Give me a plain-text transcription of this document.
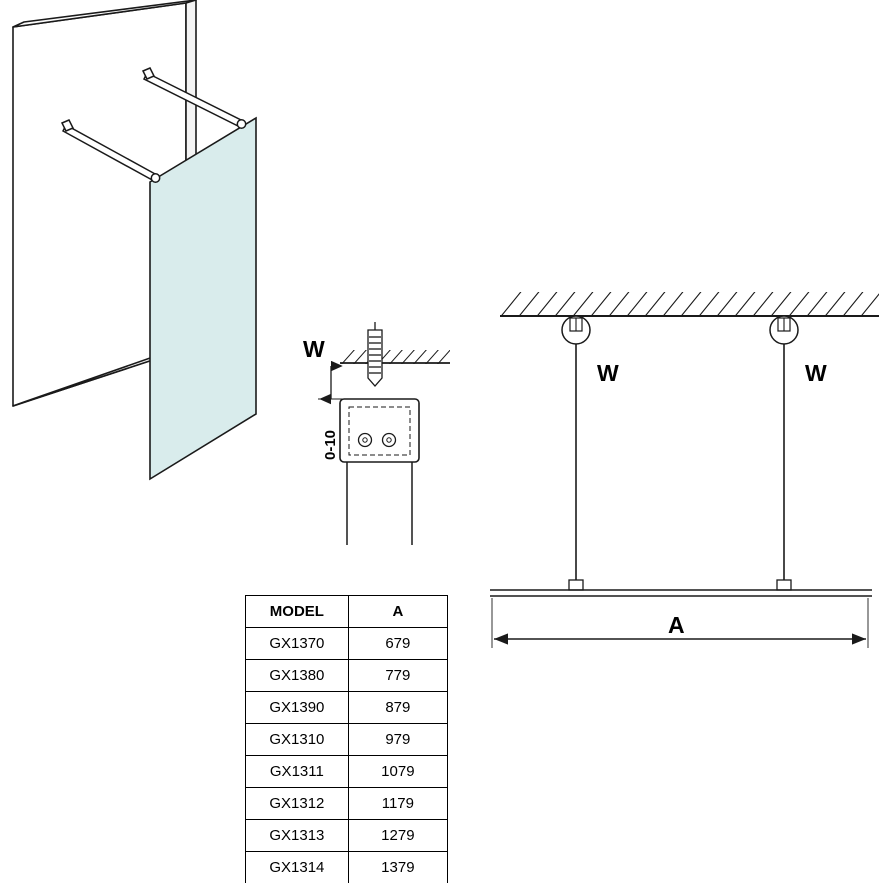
W
W	W
A
0-10
MODEL	A
GX1370	679
GX1380	779
GX1390	879
GX1310	979
GX1311	1079
GX1312	1179
GX1313	1279
GX1314	1379
